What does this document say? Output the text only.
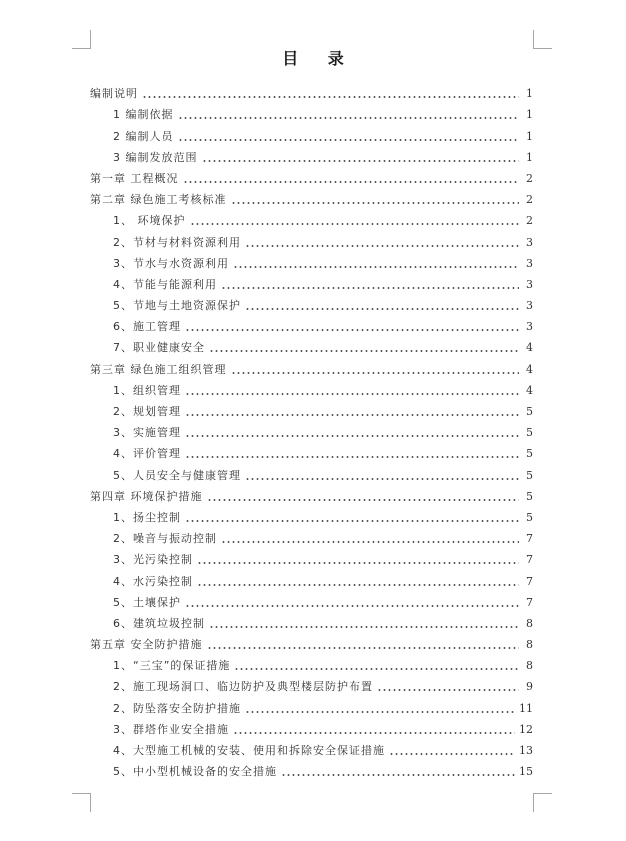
目 录
编制说明	1
1 编制依据	1
2 编制人员	1
3 编制发放范围	1
第一章 工程概况	2
第二章 绿色施工考核标准	2
1、 环境保护	2
2、节材与材料资源利用	3
3、节水与水资源利用	3
4、节能与能源利用	3
5、节地与土地资源保护	3
6、施工管理	3
7、职业健康安全	4
第三章 绿色施工组织管理	4
1、组织管理	4
2、规划管理	5
3、实施管理	5
4、评价管理	5
5、人员安全与健康管理	5
第四章 环境保护措施	5
1、扬尘控制	5
2、噪音与振动控制	7
3、光污染控制	7
4、水污染控制	7
5、土壤保护	7
6、建筑垃圾控制	8
第五章 安全防护措施	8
1、“三宝”的保证措施	8
2、施工现场洞口、临边防护及典型楼层防护布置	9
2、防坠落安全防护措施	11
3、群塔作业安全措施	12
4、大型施工机械的安装、使用和拆除安全保证措施	13
5、中小型机械设备的安全措施	15
